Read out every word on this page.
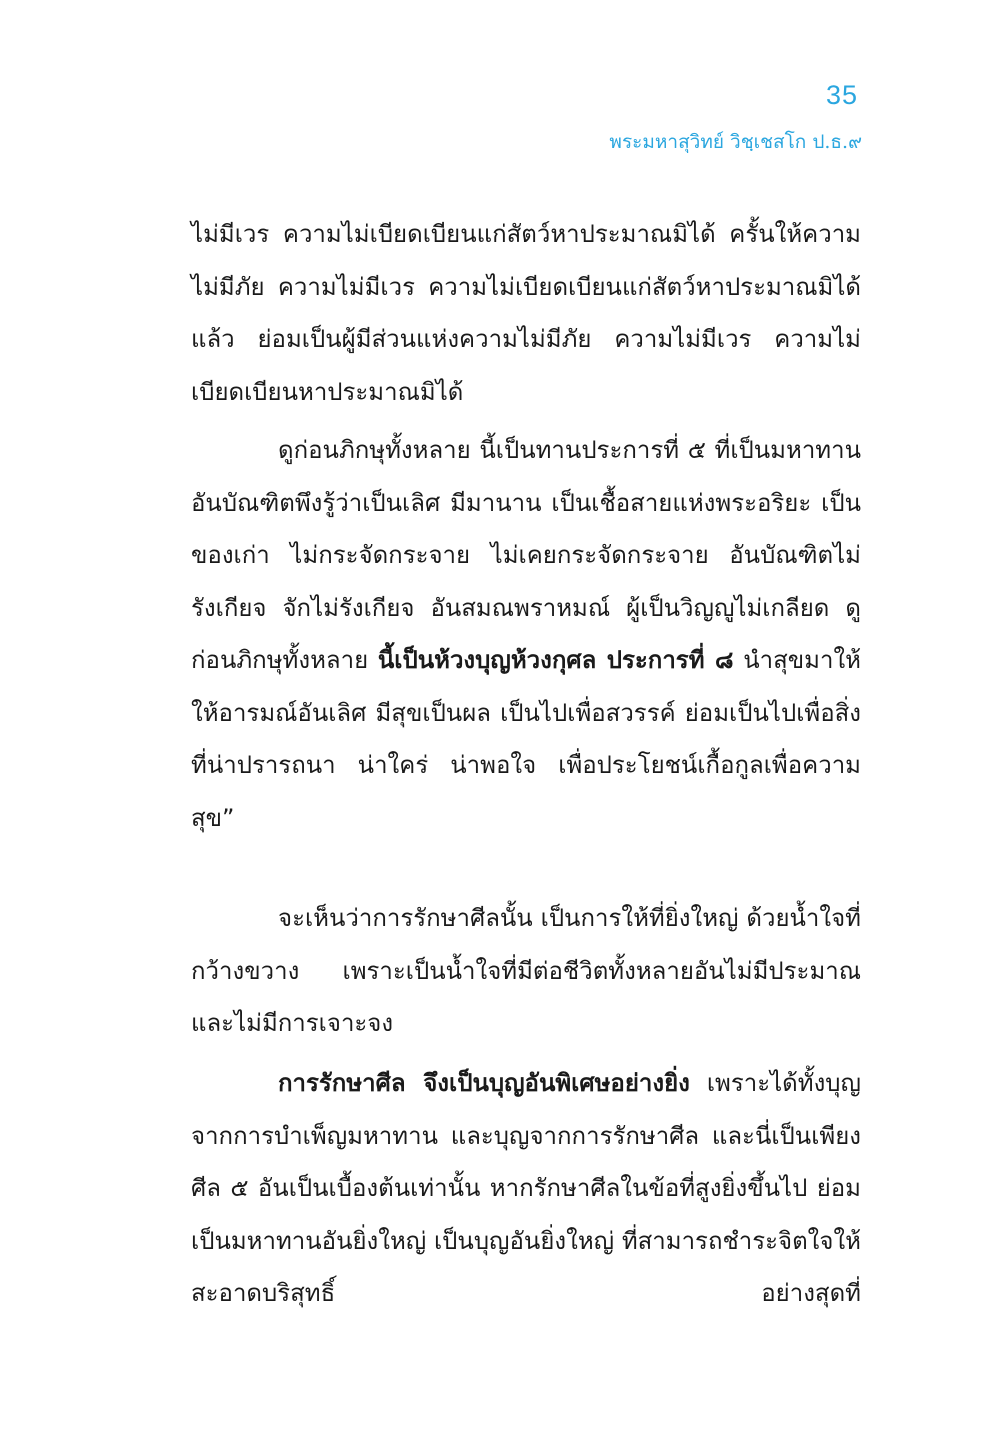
35
พระมหาสุวิทย์ วิชฺเชสโก ป.ธ.๙

ไม่มีเวร ความไม่เบียดเบียนแก่สัตว์หาประมาณมิได้ ครั้นให้ความไม่มีภัย ความไม่มีเวร ความไม่เบียดเบียนแก่สัตว์หาประมาณมิได้แล้ว ย่อมเป็นผู้มีส่วนแห่งความไม่มีภัย ความไม่มีเวร ความไม่เบียดเบียนหาประมาณมิได้

ดูก่อนภิกษุทั้งหลาย นี้เป็นทานประการที่ ๕ ที่เป็นมหาทาน อันบัณฑิตพึงรู้ว่าเป็นเลิศ มีมานาน เป็นเชื้อสายแห่งพระอริยะ เป็นของเก่า ไม่กระจัดกระจาย ไม่เคยกระจัดกระจาย อันบัณฑิตไม่รังเกียจ จักไม่รังเกียจ อันสมณพราหมณ์ ผู้เป็นวิญญูไม่เกลียด ดูก่อนภิกษุทั้งหลาย นี้เป็นห้วงบุญห้วงกุศล ประการที่ ๘ นำสุขมาให้ ให้อารมณ์อันเลิศ มีสุขเป็นผล เป็นไปเพื่อสวรรค์ ย่อมเป็นไปเพื่อสิ่งที่น่าปรารถนา น่าใคร่ น่าพอใจ เพื่อประโยชน์เกื้อกูลเพื่อความสุข”

จะเห็นว่าการรักษาศีลนั้น เป็นการให้ที่ยิ่งใหญ่ ด้วยน้ำใจที่กว้างขวาง เพราะเป็นน้ำใจที่มีต่อชีวิตทั้งหลายอันไม่มีประมาณ และไม่มีการเจาะจง

การรักษาศีล จึงเป็นบุญอันพิเศษอย่างยิ่ง เพราะได้ทั้งบุญจากการบำเพ็ญมหาทาน และบุญจากการรักษาศีล และนี่เป็นเพียงศีล ๕ อันเป็นเบื้องต้นเท่านั้น หากรักษาศีลในข้อที่สูงยิ่งขึ้นไป ย่อมเป็นมหาทานอันยิ่งใหญ่ เป็นบุญอันยิ่งใหญ่ ที่สามารถชำระจิตใจให้สะอาดบริสุทธิ์ อย่างสุดที่
